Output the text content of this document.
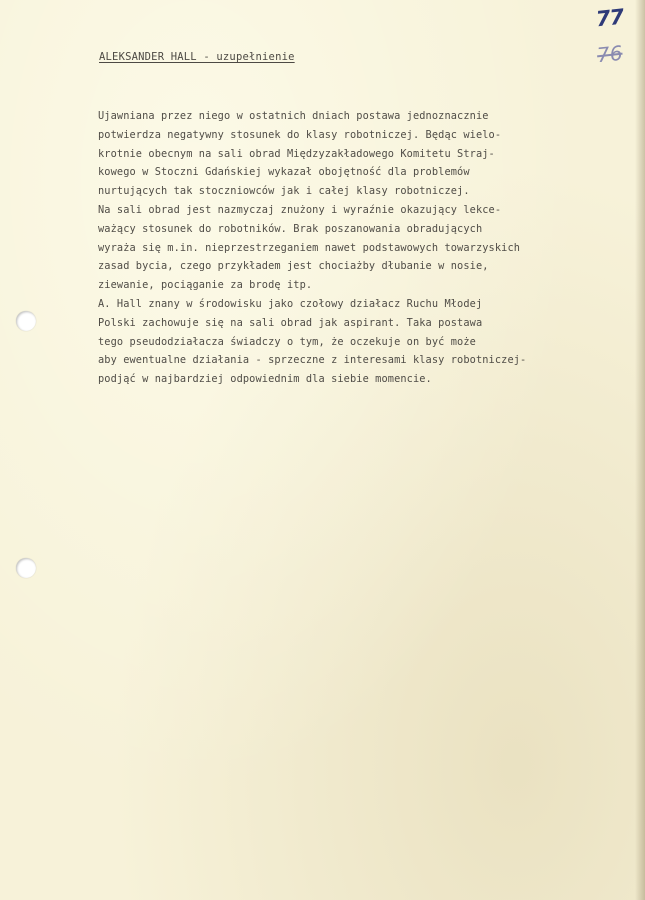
77
76
ALEKSANDER HALL - uzupełnienie
Ujawniana przez niego w ostatnich dniach postawa jednoznacznie
potwierdza negatywny stosunek do klasy robotniczej. Będąc wielo-
krotnie obecnym na sali obrad Międzyzakładowego Komitetu Straj-
kowego w Stoczni Gdańskiej wykazał obojętność dla problemów
nurtujących tak stoczniowców jak i całej klasy robotniczej.
Na sali obrad jest nazmyczaj znużony i wyraźnie okazujący lekce-
ważący stosunek do robotników. Brak poszanowania obradujących
wyraża się m.in. nieprzestrzeganiem nawet podstawowych towarzyskich
zasad bycia, czego przykładem jest chociażby dłubanie w nosie,
ziewanie, pociąganie za brodę itp.
A. Hall znany w środowisku jako czołowy działacz Ruchu Młodej
Polski zachowuje się na sali obrad jak aspirant. Taka postawa
tego pseudodziałacza świadczy o tym, że oczekuje on być może
aby ewentualne działania - sprzeczne z interesami klasy robotniczej-
podjąć w najbardziej odpowiednim dla siebie momencie.
